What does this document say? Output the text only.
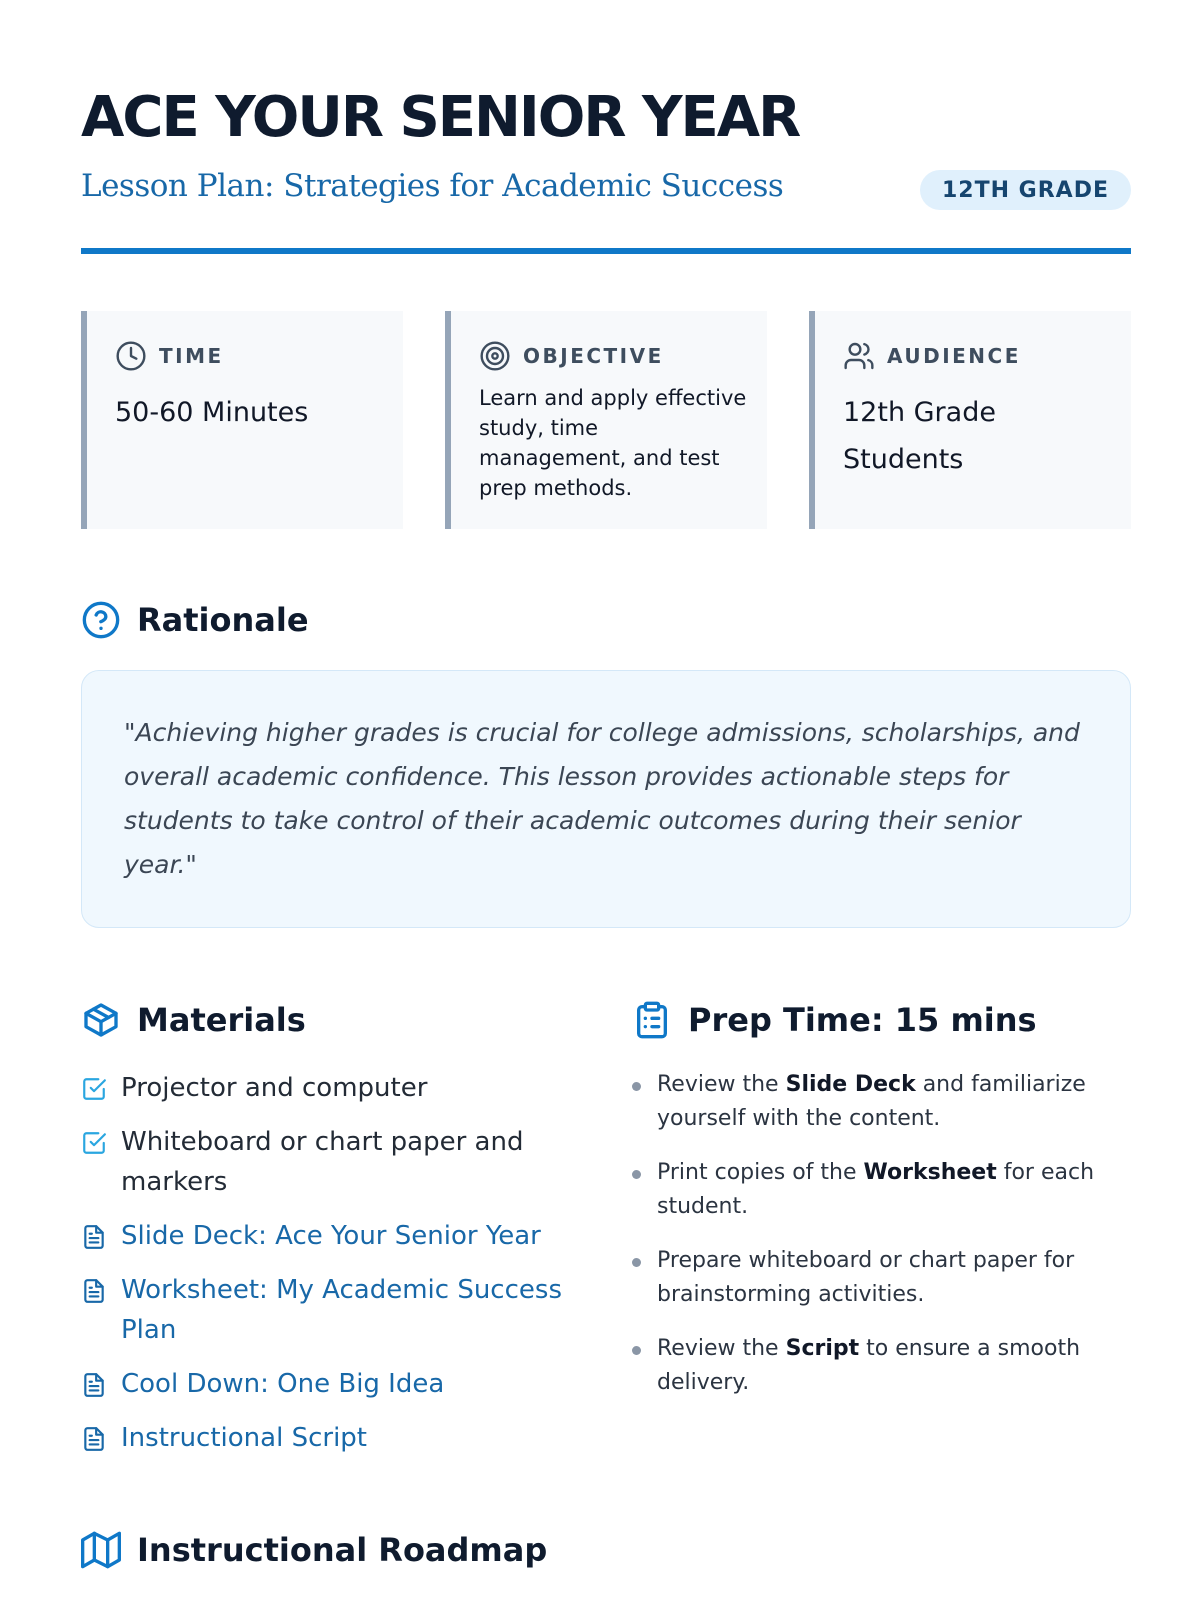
ACE YOUR SENIOR YEAR
Lesson Plan: Strategies for Academic Success	12TH GRADE
TIME
50-60 Minutes
OBJECTIVE
Learn and apply effective study, time management, and test prep methods.
AUDIENCE
12th Grade Students
Rationale

"Achieving higher grades is crucial for college admissions, scholarships, and overall academic confidence. This lesson provides actionable steps for students to take control of their academic outcomes during their senior year."

Materials
Projector and computer
Whiteboard or chart paper and markers
Slide Deck: Ace Your Senior Year
Worksheet: My Academic Success Plan
Cool Down: One Big Idea
Instructional Script
Prep Time: 15 mins
Review the Slide Deck and familiarize yourself with the content.
Print copies of the Worksheet for each student.
Prepare whiteboard or chart paper for brainstorming activities.
Review the Script to ensure a smooth delivery.
Instructional Roadmap
